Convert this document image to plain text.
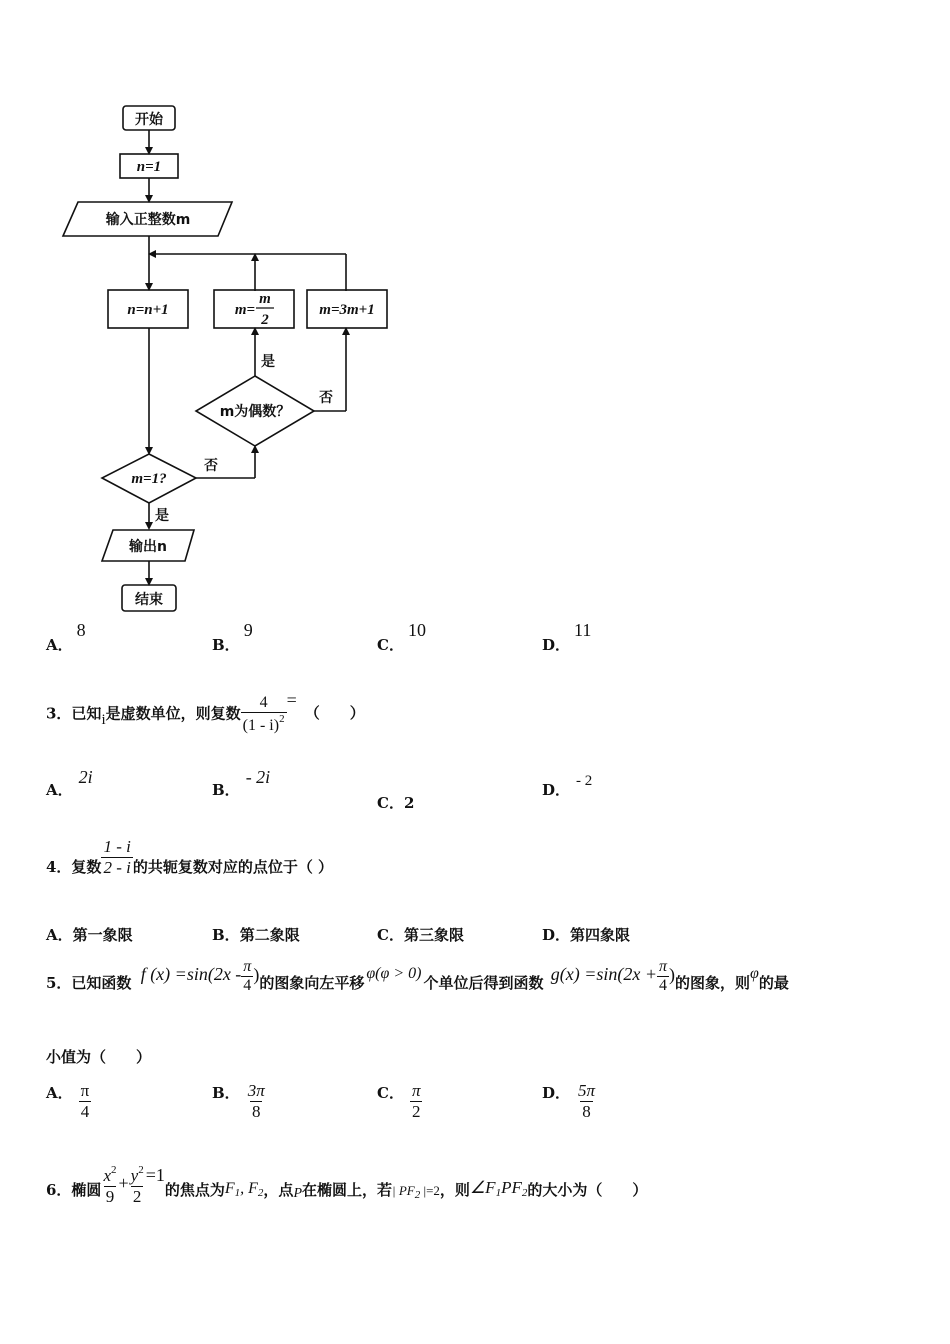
开始
n=1
输入正整数m
n=n+1	m=
m
2
m=3m+1
m为偶数？
m=1?
是
否
否
是
输出n
结束
A．8
B．9
C．10
D．11
3．已知i是虚数单位，则复数 $\frac{4}{(1 - i)^2}$ =（　　）
A．2i
B．- 2i
C．2
D． - 2
4．复数 $\frac{1 - i}{2 - i}$ 的共轭复数对应的点位于（ ）
A．第一象限	B．第二象限	C．第三象限	D．第四象限
5．已知函数 f $(x) =\sin(2x - \frac{\pi}{4}$ )的图象向左平移φ(φ > 0)个单位后得到函数 $g(x) =\sin(2x + \frac{\pi}{4}$ )的图象，则φ的最
小值为（　　）
A． $\frac{\pi}{4}$	B． $\frac{3\pi}{8}$	C． $\frac{\pi}{2}$	D． $\frac{5\pi}{8}$
6．椭圆 $\frac{x^2}{9} + \frac{y^2}{2} =1$的焦点为$F_1$, $F_2$，点P在椭圆上，若| $PF_2$ |=2，则$\angle F_1PF_2$的大小为（　　）
